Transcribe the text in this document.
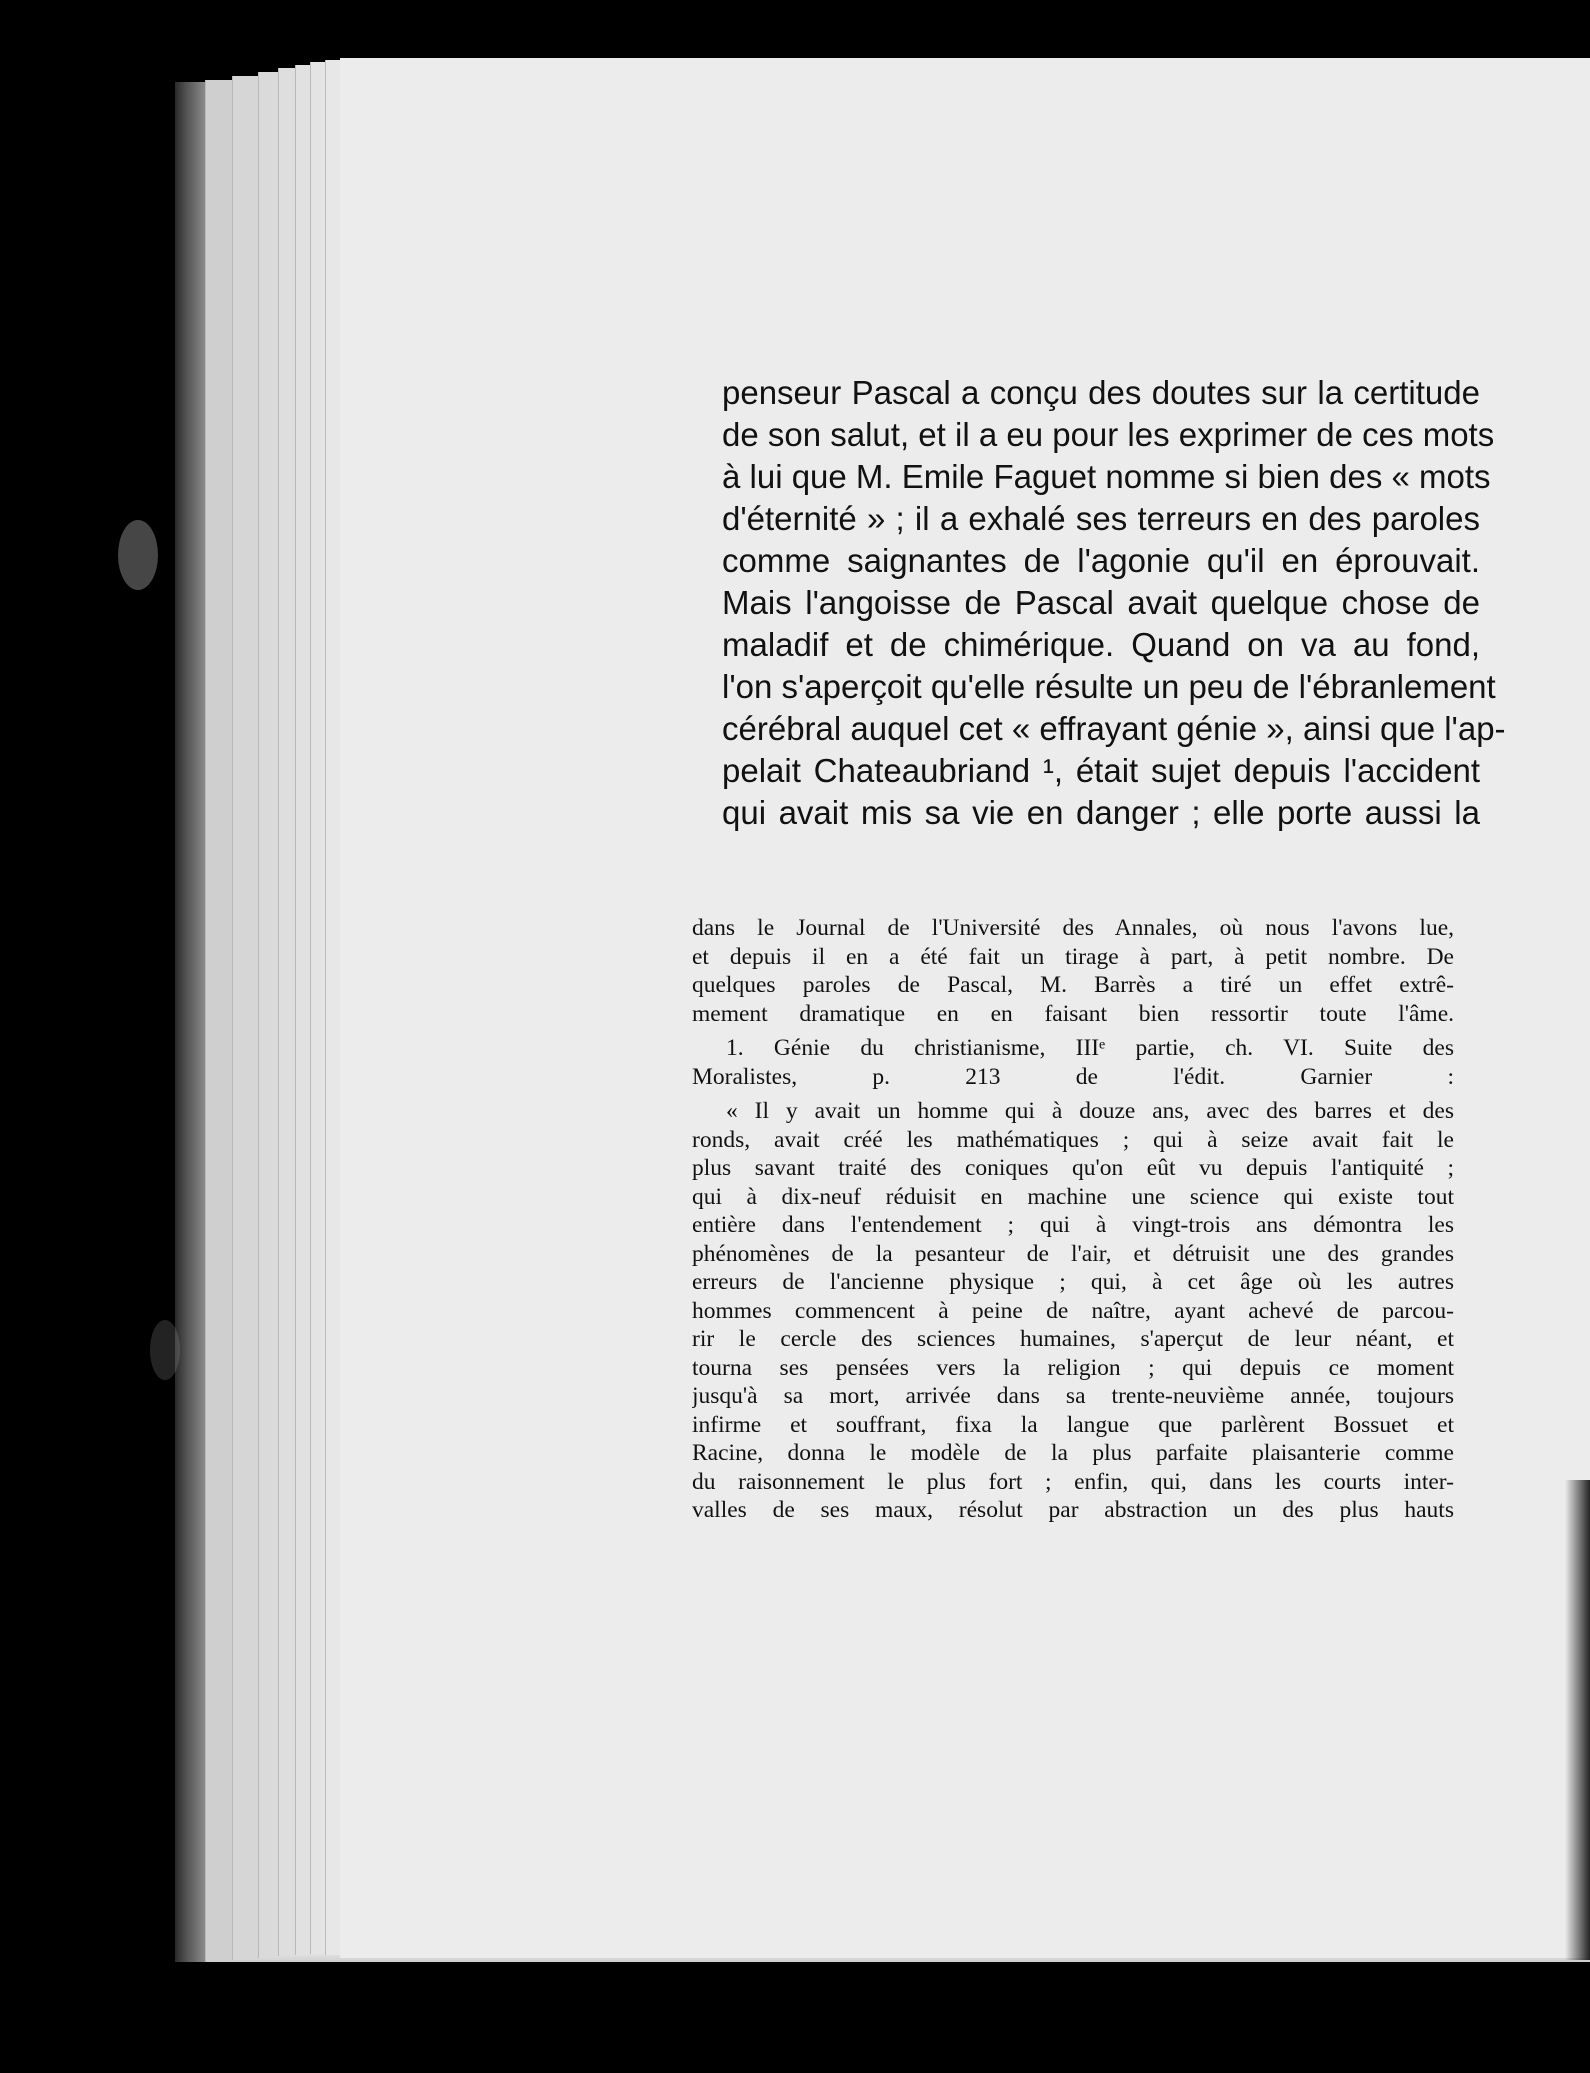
penseur Pascal a conçu des doutes sur la certitude
de son salut, et il a eu pour les exprimer de ces mots
à lui que M. Emile Faguet nomme si bien des « mots
d'éternité » ; il a exhalé ses terreurs en des paroles
comme saignantes de l'agonie qu'il en éprouvait.
Mais l'angoisse de Pascal avait quelque chose de
maladif et de chimérique. Quand on va au fond,
l'on s'aperçoit qu'elle résulte un peu de l'ébranlement
cérébral auquel cet « effrayant génie », ainsi que l'ap-
pelait Chateaubriand ¹, était sujet depuis l'accident
qui avait mis sa vie en danger ; elle porte aussi la
dans le Journal de l'Université des Annales, où nous l'avons lue,
et depuis il en a été fait un tirage à part, à petit nombre. De
quelques paroles de Pascal, M. Barrès a tiré un effet extrê-
mement dramatique en en faisant bien ressortir toute l'âme.
1. Génie du christianisme, IIIᵉ partie, ch. VI. Suite des
Moralistes, p. 213 de l'édit. Garnier :
« Il y avait un homme qui à douze ans, avec des barres et des
ronds, avait créé les mathématiques ; qui à seize avait fait le
plus savant traité des coniques qu'on eût vu depuis l'antiquité ;
qui à dix-neuf réduisit en machine une science qui existe tout
entière dans l'entendement ; qui à vingt-trois ans démontra les
phénomènes de la pesanteur de l'air, et détruisit une des grandes
erreurs de l'ancienne physique ; qui, à cet âge où les autres
hommes commencent à peine de naître, ayant achevé de parcou-
rir le cercle des sciences humaines, s'aperçut de leur néant, et
tourna ses pensées vers la religion ; qui depuis ce moment
jusqu'à sa mort, arrivée dans sa trente-neuvième année, toujours
infirme et souffrant, fixa la langue que parlèrent Bossuet et
Racine, donna le modèle de la plus parfaite plaisanterie comme
du raisonnement le plus fort ; enfin, qui, dans les courts inter-
valles de ses maux, résolut par abstraction un des plus hauts
